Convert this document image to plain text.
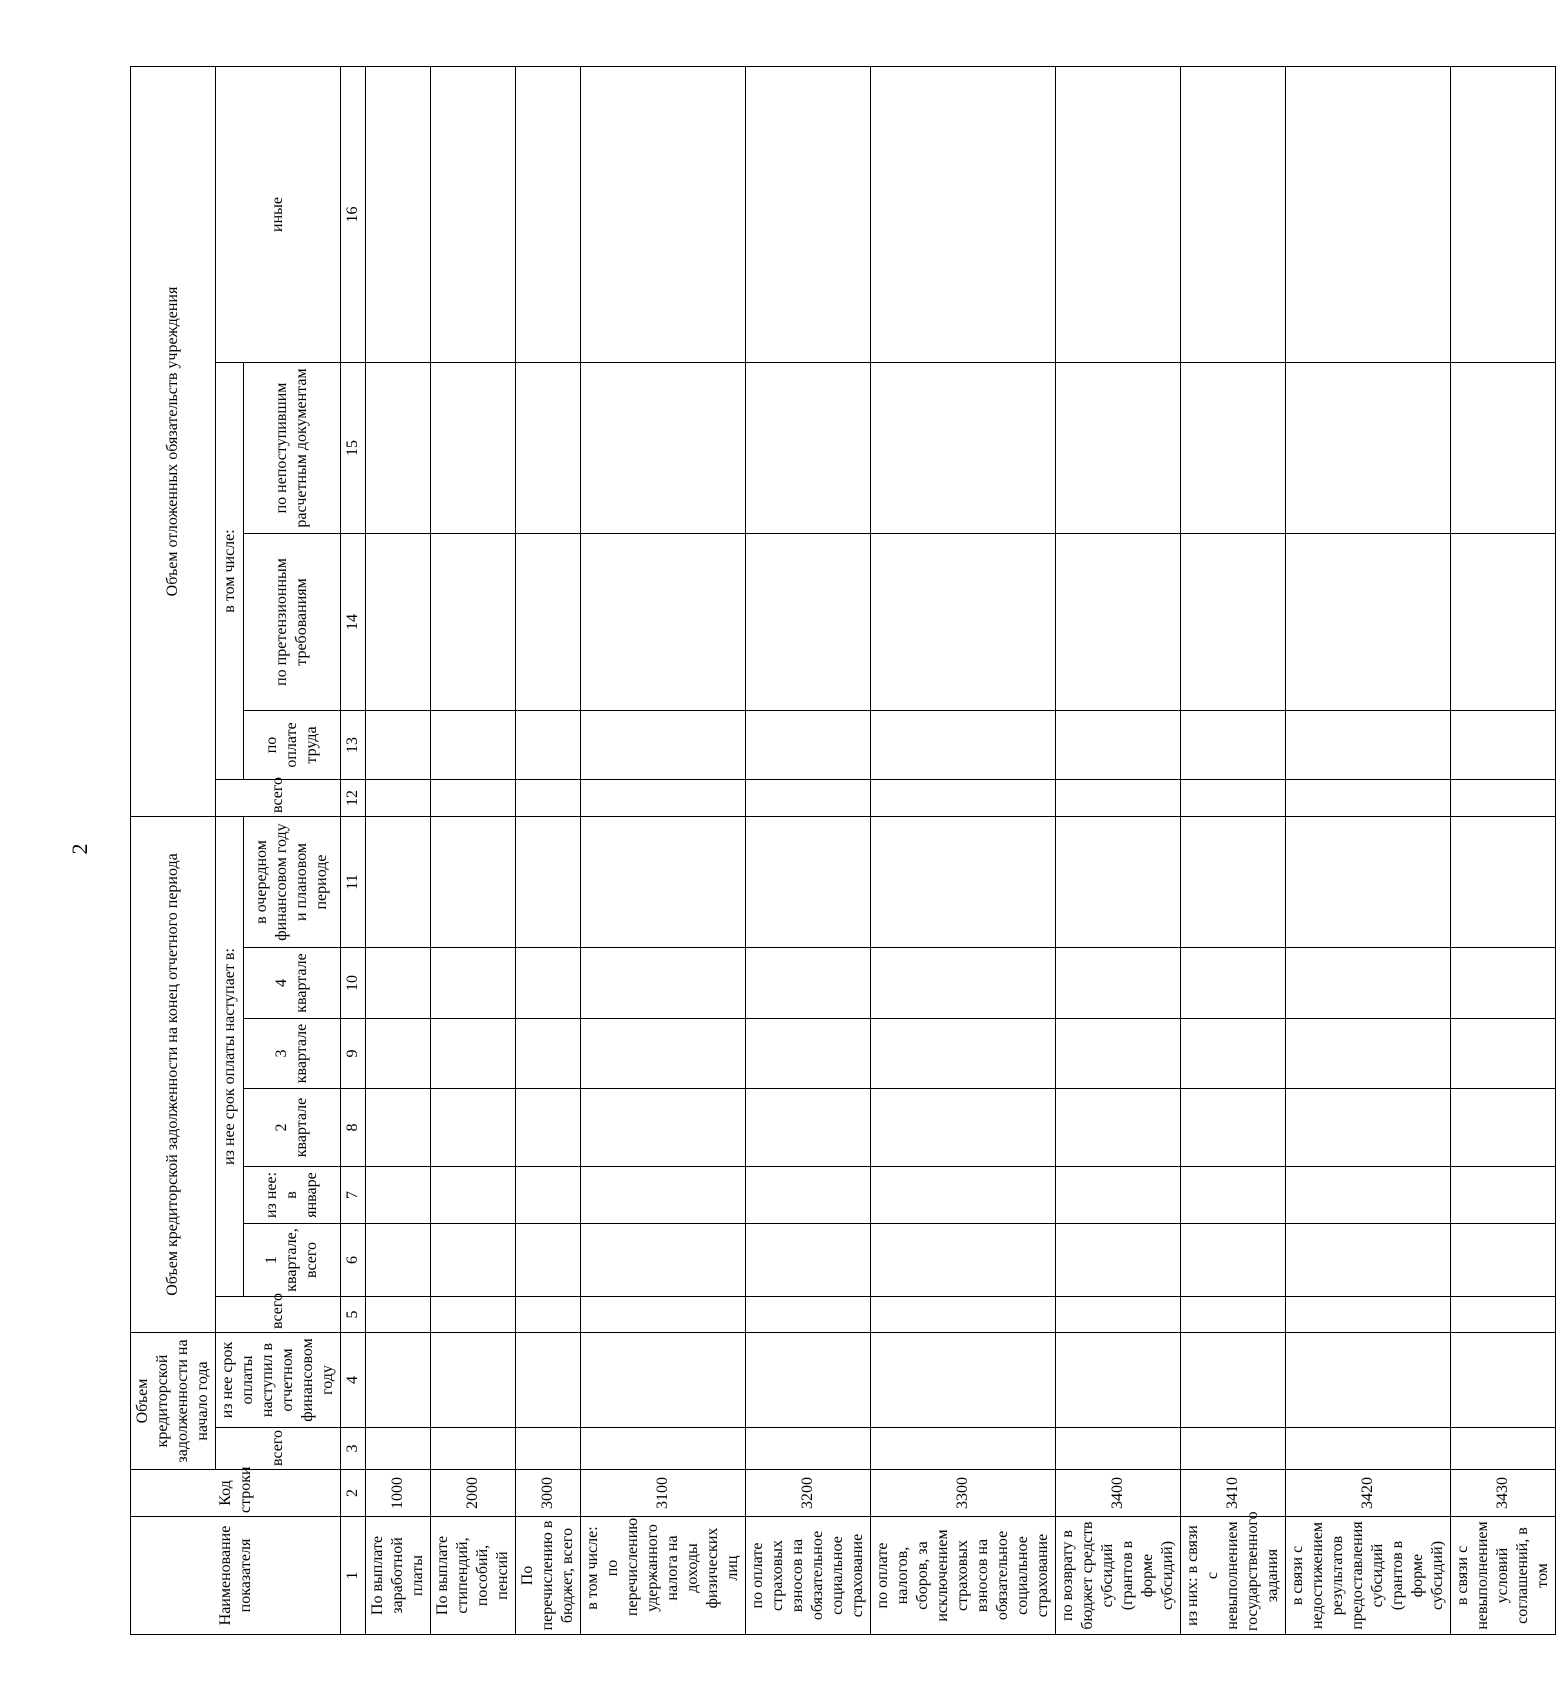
2
Наименование показателя	Код строки	Объем кредиторской задолженности на начало года		Объем кредиторской задолженности на конец отчетного периода							Объем отложенных обязательств учреждения				
		всего	из нее срок оплаты наступил в отчетном финансовом году	всего	из нее срок оплаты наступает в:						всего	в том числе:			иные
					1 квартале, всего	из нее: в январе	2 квартале	3 квартале	4 квартале	в очередном финансовом году и плановом периоде		по оплате труда	по претензионным требованиям	по непоступившим расчетным документам	
1	2	3	4	5	6	7	8	9	10	11	12	13	14	15	16
По выплате заработной платы	1000														
По выплате стипендий, пособий, пенсий	2000														
По перечислению в бюджет, всего	3000														
в том числе: по перечислению удержанного налога на доходы физических лиц	3100														
по оплате страховых взносов на обязательное социальное страхование	3200														
по оплате налогов, сборов, за исключением страховых взносов на обязательное социальное страхование	3300														
по возврату в бюджет средств субсидий (грантов в форме субсидий)	3400														
из них: в связи с невыполнением государственного задания	3410														
в связи с недостижением результатов предоставления субсидий (грантов в форме субсидий)	3420														
в связи с невыполнением условий соглашений, в том	3430														
